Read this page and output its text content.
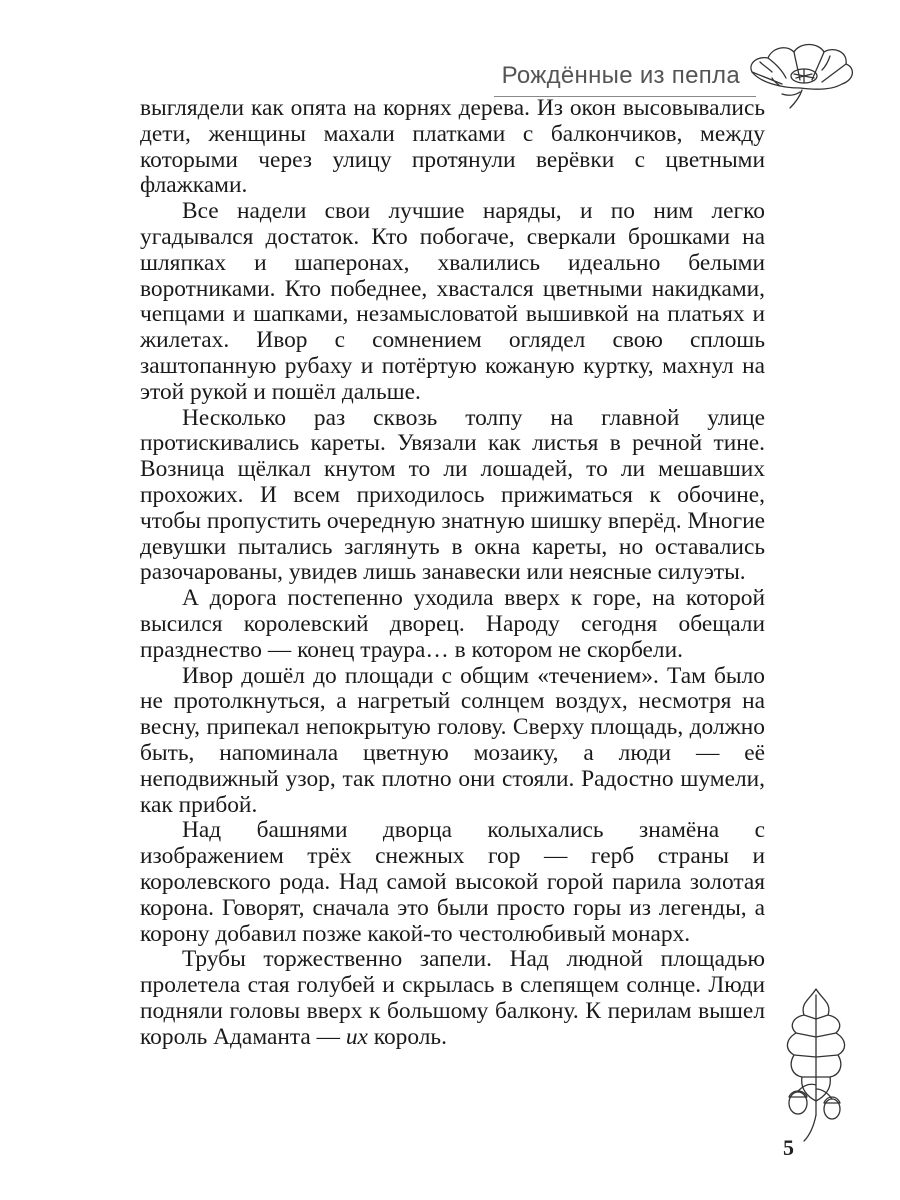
Рождённые из пепла

выглядели как опята на корнях дерева. Из окон высовывались дети, женщины махали платками с балкончиков, между которыми через улицу протянули верёвки с цветными флажками.

Все надели свои лучшие наряды, и по ним легко угадывался достаток. Кто побогаче, сверкали брошками на шляпках и шаперонах, хвалились идеально белыми воротниками. Кто победнее, хвастался цветными накидками, чепцами и шапками, незамысловатой вышивкой на платьях и жилетах. Ивор с сомнением оглядел свою сплошь заштопанную рубаху и потёртую кожаную куртку, махнул на этой рукой и пошёл дальше.

Несколько раз сквозь толпу на главной улице протискивались кареты. Увязали как листья в речной тине. Возница щёлкал кнутом то ли лошадей, то ли мешавших прохожих. И всем приходилось прижиматься к обочине, чтобы пропустить очередную знатную шишку вперёд. Многие девушки пытались заглянуть в окна кареты, но оставались разочарованы, увидев лишь занавески или неясные силуэты.

А дорога постепенно уходила вверх к горе, на которой высился королевский дворец. Народу сегодня обещали празднество — конец траура… в котором не скорбели.

Ивор дошёл до площади с общим «течением». Там было не протолкнуться, а нагретый солнцем воздух, несмотря на весну, припекал непокрытую голову. Сверху площадь, должно быть, напоминала цветную мозаику, а люди — её неподвижный узор, так плотно они стояли. Радостно шумели, как прибой.

Над башнями дворца колыхались знамёна с изображением трёх снежных гор — герб страны и королевского рода. Над самой высокой горой парила золотая корона. Говорят, сначала это были просто горы из легенды, а корону добавил позже какой-то честолюбивый монарх.

Трубы торжественно запели. Над людной площадью пролетела стая голубей и скрылась в слепящем солнце. Люди подняли головы вверх к большому балкону. К перилам вышел король Адаманта — их король.

5
